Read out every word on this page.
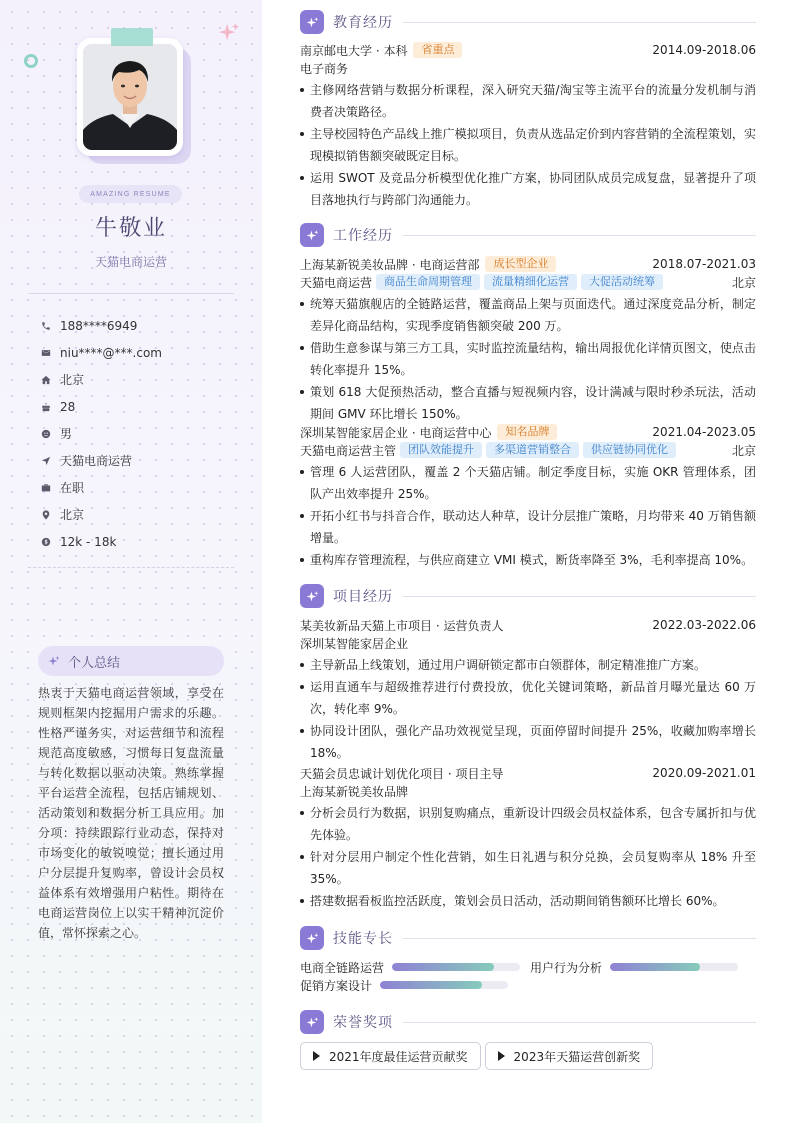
AMAZING RESUME
牛敬业
天猫电商运营
188****6949
niu****@***.com
北京
28
男
天猫电商运营
在职
北京
12k - 18k
个人总结
热衷于天猫电商运营领域，享受在规则框架内挖掘用户需求的乐趣。性格严谨务实，对运营细节和流程规范高度敏感，习惯每日复盘流量与转化数据以驱动决策。熟练掌握平台运营全流程，包括店铺规划、活动策划和数据分析工具应用。加分项：持续跟踪行业动态，保持对市场变化的敏锐嗅觉；擅长通过用户分层提升复购率，曾设计会员权益体系有效增强用户粘性。期待在电商运营岗位上以实干精神沉淀价值，常怀探索之心。
教育经历
南京邮电大学 · 本科	省重点	2014.09-2018.06
电子商务
主修网络营销与数据分析课程，深入研究天猫/淘宝等主流平台的流量分发机制与消费者决策路径。
主导校园特色产品线上推广模拟项目，负责从选品定价到内容营销的全流程策划，实现模拟销售额突破既定目标。
运用 SWOT 及竞品分析模型优化推广方案，协同团队成员完成复盘，显著提升了项目落地执行与跨部门沟通能力。
工作经历
上海某新锐美妆品牌 · 电商运营部	成长型企业	2018.07-2021.03
天猫电商运营	商品生命周期管理	流量精细化运营	大促活动统筹	北京
统筹天猫旗舰店的全链路运营，覆盖商品上架与页面迭代。通过深度竞品分析，制定差异化商品结构，实现季度销售额突破 200 万。
借助生意参谋与第三方工具，实时监控流量结构，输出周报优化详情页图文，使点击转化率提升 15%。
策划 618 大促预热活动，整合直播与短视频内容，设计满减与限时秒杀玩法，活动期间 GMV 环比增长 150%。
深圳某智能家居企业 · 电商运营中心	知名品牌	2021.04-2023.05
天猫电商运营主管	团队效能提升	多渠道营销整合	供应链协同优化	北京
管理 6 人运营团队，覆盖 2 个天猫店铺。制定季度目标，实施 OKR 管理体系，团队产出效率提升 25%。
开拓小红书与抖音合作，联动达人种草，设计分层推广策略，月均带来 40 万销售额增量。
重构库存管理流程，与供应商建立 VMI 模式，断货率降至 3%，毛利率提高 10%。
项目经历
某美妆新品天猫上市项目 · 运营负责人	2022.03-2022.06
深圳某智能家居企业
主导新品上线策划，通过用户调研锁定都市白领群体，制定精准推广方案。
运用直通车与超级推荐进行付费投放，优化关键词策略，新品首月曝光量达 60 万次，转化率 9%。
协同设计团队，强化产品功效视觉呈现，页面停留时间提升 25%，收藏加购率增长 18%。
天猫会员忠诚计划优化项目 · 项目主导	2020.09-2021.01
上海某新锐美妆品牌
分析会员行为数据，识别复购痛点，重新设计四级会员权益体系，包含专属折扣与优先体验。
针对分层用户制定个性化营销，如生日礼遇与积分兑换，会员复购率从 18% 升至 35%。
搭建数据看板监控活跃度，策划会员日活动，活动期间销售额环比增长 60%。
技能专长
电商全链路运营	用户行为分析
促销方案设计
荣誉奖项
2021年度最佳运营贡献奖	2023年天猫运营创新奖
